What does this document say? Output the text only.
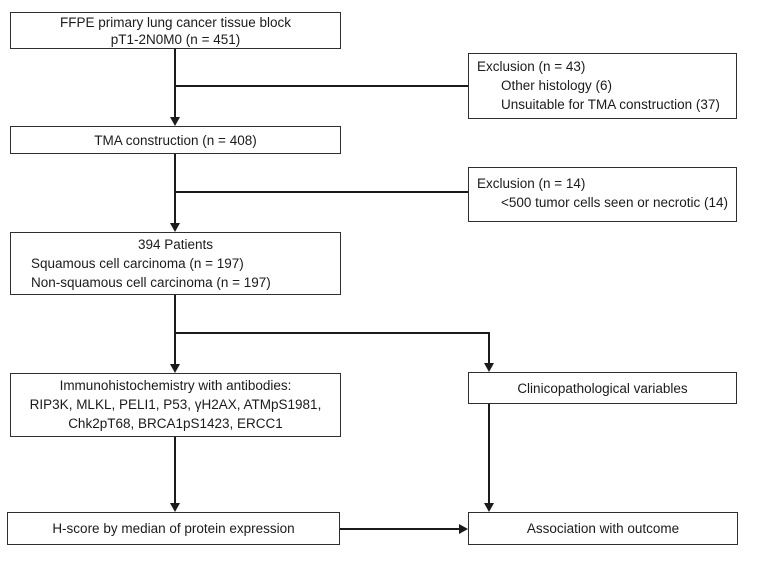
FFPE primary lung cancer tissue block
pT1-2N0M0 (n = 451)
Exclusion (n = 43)
Other histology (6)
Unsuitable for TMA construction (37)
TMA construction (n = 408)
Exclusion (n = 14)
<500 tumor cells seen or necrotic (14)
394 Patients
Squamous cell carcinoma (n = 197)
Non-squamous cell carcinoma (n = 197)
Immunohistochemistry with antibodies:
RIP3K, MLKL, PELI1, P53, γH2AX, ATMpS1981,
Chk2pT68, BRCA1pS1423, ERCC1
Clinicopathological variables
H-score by median of protein expression	Association with outcome
